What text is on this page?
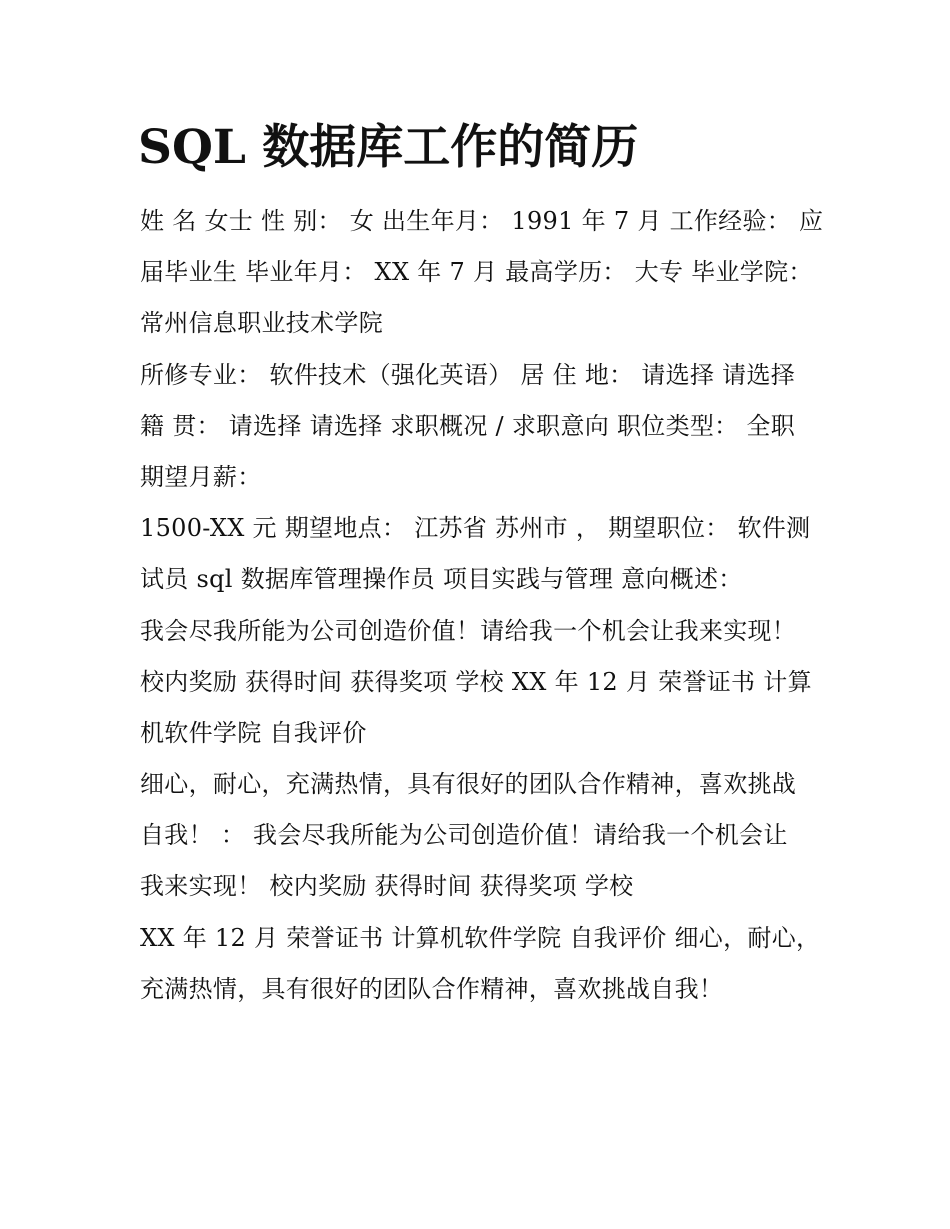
SQL 数据库工作的简历
姓 名 女士 性 别： 女 出生年月： 1991 年 7 月 工作经验： 应
届毕业生 毕业年月： XX 年 7 月 最高学历： 大专 毕业学院：
常州信息职业技术学院
所修专业： 软件技术（强化英语） 居 住 地： 请选择 请选择
籍 贯： 请选择 请选择 求职概况 / 求职意向 职位类型： 全职
期望月薪：
1500-XX 元 期望地点： 江苏省 苏州市 ， 期望职位： 软件测
试员 sql 数据库管理操作员 项目实践与管理 意向概述：
我会尽我所能为公司创造价值！请给我一个机会让我来实现！
校内奖励 获得时间 获得奖项 学校 XX 年 12 月 荣誉证书 计算
机软件学院 自我评价
细心，耐心，充满热情，具有很好的团队合作精神，喜欢挑战
自我！ ： 我会尽我所能为公司创造价值！请给我一个机会让
我来实现！ 校内奖励 获得时间 获得奖项 学校
XX 年 12 月 荣誉证书 计算机软件学院 自我评价 细心，耐心，
充满热情，具有很好的团队合作精神，喜欢挑战自我！
